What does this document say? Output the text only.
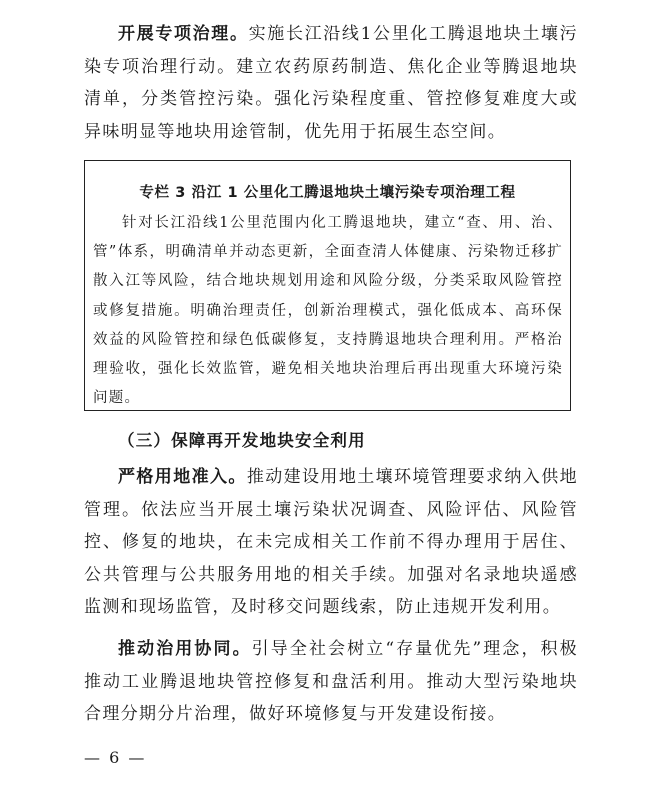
开展专项治理。实施长江沿线1公里化工腾退地块土壤污染专项治理行动。建立农药原药制造、焦化企业等腾退地块清单，分类管控污染。强化污染程度重、管控修复难度大或异味明显等地块用途管制，优先用于拓展生态空间。

专栏 3 沿江 1 公里化工腾退地块土壤污染专项治理工程

针对长江沿线1公里范围内化工腾退地块，建立“查、用、治、管”体系，明确清单并动态更新，全面查清人体健康、污染物迁移扩散入江等风险，结合地块规划用途和风险分级，分类采取风险管控或修复措施。明确治理责任，创新治理模式，强化低成本、高环保效益的风险管控和绿色低碳修复，支持腾退地块合理利用。严格治理验收，强化长效监管，避免相关地块治理后再出现重大环境污染问题。

（三）保障再开发地块安全利用

严格用地准入。推动建设用地土壤环境管理要求纳入供地管理。依法应当开展土壤污染状况调查、风险评估、风险管控、修复的地块，在未完成相关工作前不得办理用于居住、公共管理与公共服务用地的相关手续。加强对名录地块遥感监测和现场监管，及时移交问题线索，防止违规开发利用。

推动治用协同。引导全社会树立“存量优先”理念，积极推动工业腾退地块管控修复和盘活利用。推动大型污染地块合理分期分片治理，做好环境修复与开发建设衔接。

— 6 —
